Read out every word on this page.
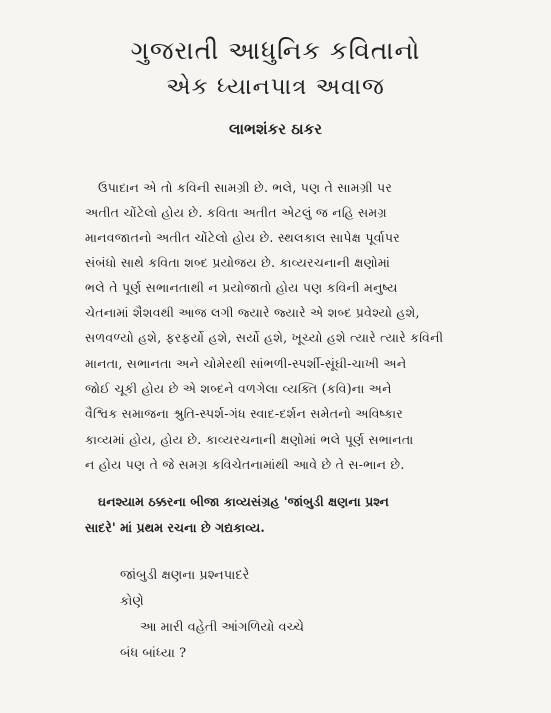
ગુજરાતી આધુનિક કવિતાનો
એક ધ્યાનપાત્ર અવાજ
લાભશંકર ઠાકર
ઉપાદાન એ તો કવિની સામગ્રી છે. ભલે, પણ તે સામગ્રી પર
અતીત ચોંટેલો હોય છે. કવિતા અતીત એટલું જ નહિ સમગ્ર
માનવજાતનો અતીત ચોંટેલો હોય છે. સ્થલકાલ સાપેક્ષ પૂર્વાપર
સંબંધો સાથે કવિતા શબ્દ પ્રયોજય છે. કાવ્યરચનાની ક્ષણોમાં
ભલે તે પૂર્ણ સભાનતાથી ન પ્રયોજાતો હોય પણ કવિની મનુષ્ય
ચેતનામાં શૈશવથી આજ લગી જ્યારે જ્યારે એ શબ્દ પ્રવેશ્યો હશે,
સળવળ્યો હશે, ફરફર્યો હશે, સર્યો હશે, ખૂચ્યો હશે ત્યારે ત્યારે કવિની
માનતા, સભાનતા અને ચોમેરથી સાંભળી-સ્પર્શી-સૂંઘી-ચાખી અને
જોઈ ચૂકી હોય છે એ શબ્દને વળગેલા વ્યક્તિ (કવિ)ના અને
વૈશ્વિક સમાજના શ્રુતિ-સ્પર્શ-ગંધ સ્વાદ-દર્શન સમેતનો અવિષ્કાર
કાવ્યમાં હોય, હોય છે. કાવ્યરચનાની ક્ષણોમાં ભલે પૂર્ણ સભાનતા
ન હોય પણ તે જે સમગ્ર કવિચેતનામાંથી આવે છે તે સ-ભાન છે.
ઘનશ્યામ ઠક્કરના બીજા કાવ્યસંગ્રહ 'જાંબુડી ક્ષણના પ્રશ્ન
સાદરે' માં પ્રથમ રચના છે ગદ્યકાવ્ય.
જાંબુડી ક્ષણના પ્રશ્નપાદરે
કોણે
આ મારી વહેતી આંગળિયો વચ્ચે
બંધ બાંધ્યા ?
